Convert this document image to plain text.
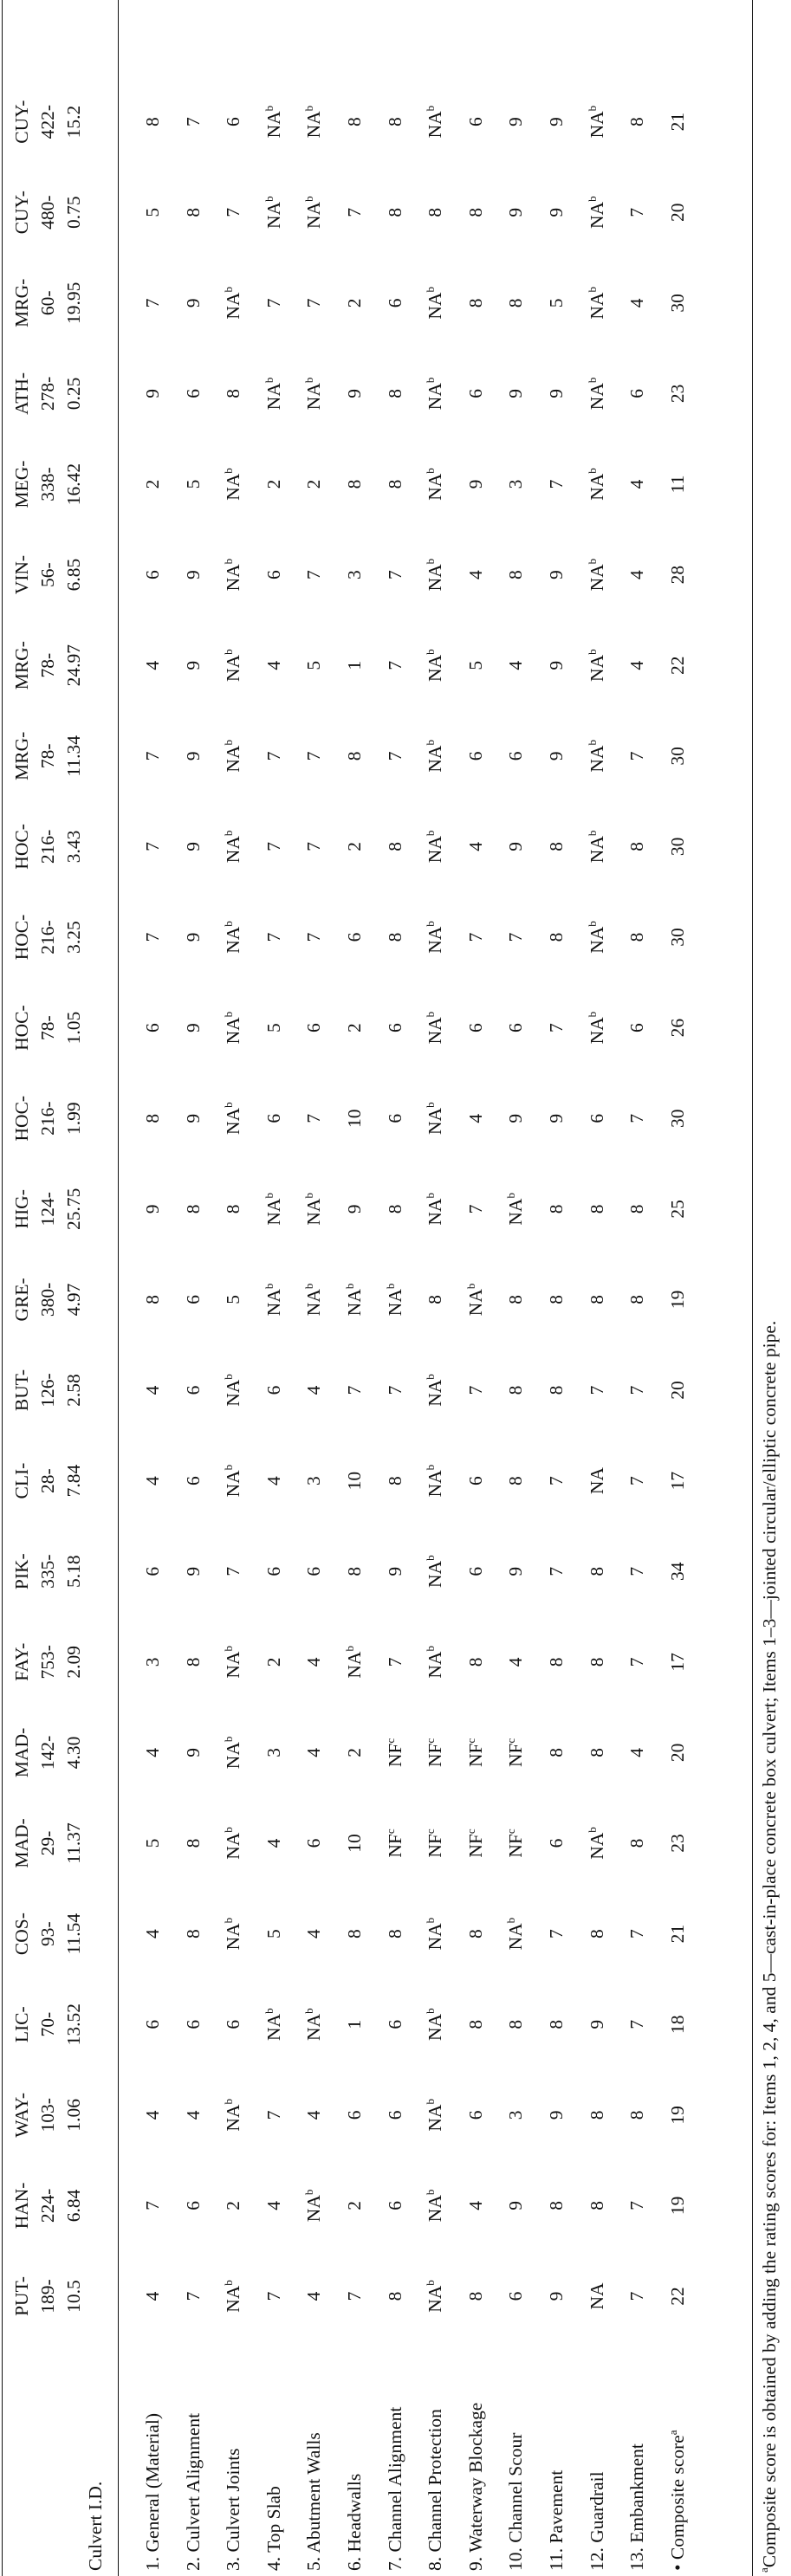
Culvert I.D.
PUT- 189- 10.5
HAN- 224- 6.84
WAY- 103- 1.06
LIC- 70- 13.52
COS- 93- 11.54
MAD- 29- 11.37
MAD- 142- 4.30
FAY- 753- 2.09
PIK- 335- 5.18
CLI- 28- 7.84
BUT- 126- 2.58
GRE- 380- 4.97
HIG- 124- 25.75
HOC- 216- 1.99
HOC- 78- 1.05
HOC- 216- 3.25
HOC- 216- 3.43
MRG- 78- 11.34
MRG- 78- 24.97
VIN- 56- 6.85
MEG- 338- 16.42
ATH- 278- 0.25
MRG- 60- 19.95
CUY- 480- 0.75
CUY- 422- 15.2
1. General (Material)
4
7
4
6
4
5
4
3
6
4
4
8
9
8
6
7
7
7
4
6
2
9
7
5
8
2. Culvert Alignment
7
6
4
6
8
8
9
8
9
6
6
6
8
9
9
9
9
9
9
9
5
6
9
8
7
3. Culvert Joints
$NA^b$
2
$NA^b$
6
$NA^b$
$NA^b$
$NA^b$
$NA^b$
7
$NA^b$
$NA^b$
5
8
$NA^b$
$NA^b$
$NA^b$
$NA^b$
$NA^b$
$NA^b$
$NA^b$
$NA^b$
8
$NA^b$
7
6
4. Top Slab
7
4
7
$NA^b$
5
4
3
2
6
4
6
$NA^b$
$NA^b$
6
5
7
7
7
4
6
2
$NA^b$
7
$NA^b$
$NA^b$
5. Abutment Walls
4
$NA^b$
4
$NA^b$
4
6
4
4
6
3
4
$NA^b$
$NA^b$
7
6
7
7
7
5
7
2
$NA^b$
7
$NA^b$
$NA^b$
6. Headwalls
7
2
6
1
8
10
2
$NA^b$
8
10
7
$NA^b$
9
10
2
6
2
8
1
3
8
9
2
7
8
7. Channel Alignment
8
6
6
6
8
$NF^c$
$NF^c$
7
9
8
7
$NA^b$
8
6
6
8
8
7
7
7
8
8
6
8
8
8. Channel Protection
$NA^b$
$NA^b$
$NA^b$
$NA^b$
$NA^b$
$NF^c$
$NF^c$
$NA^b$
$NA^b$
$NA^b$
$NA^b$
8
$NA^b$
$NA^b$
$NA^b$
$NA^b$
$NA^b$
$NA^b$
$NA^b$
$NA^b$
$NA^b$
$NA^b$
$NA^b$
8
$NA^b$
9. Waterway Blockage
8
4
6
8
8
$NF^c$
$NF^c$
8
6
6
7
$NA^b$
7
4
6
7
4
6
5
4
9
6
8
8
6
10. Channel Scour
6
9
3
8
$NA^b$
$NF^c$
$NF^c$
4
9
8
8
8
$NA^b$
9
6
7
9
6
4
8
3
9
8
9
9
11. Pavement
9
8
9
8
7
6
8
8
7
7
8
8
8
9
7
8
8
9
9
9
7
9
5
9
9
12. Guardrail
NA
8
8
9
8
$NA^b$
8
8
8
NA
7
8
8
6
$NA^b$
$NA^b$
$NA^b$
$NA^b$
$NA^b$
$NA^b$
$NA^b$
$NA^b$
$NA^b$
$NA^b$
$NA^b$
13. Embankment
7
7
8
7
7
8
4
7
7
7
7
8
8
7
6
8
8
7
4
4
4
6
4
7
8
• Composite score$^a$
22
19
19
18
21
23
20
17
34
17
20
19
25
30
26
30
30
30
22
28
11
23
30
20
21
$^a$Composite score is obtained by adding the rating scores for: Items 1, 2, 4, and 5—cast-in-place concrete box culvert; Items 1–3—jointed circular/elliptic concrete pipe.
